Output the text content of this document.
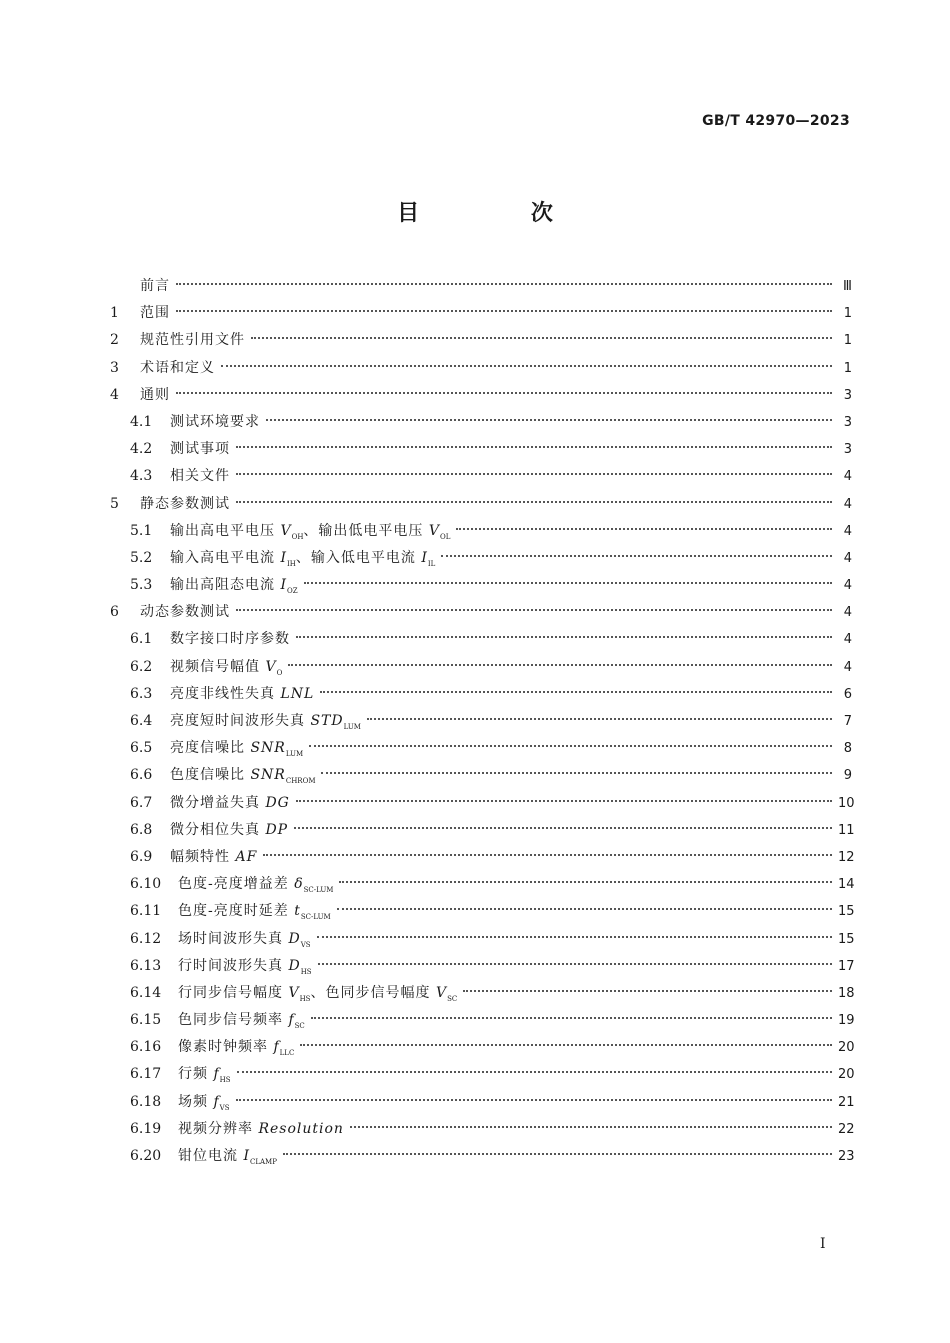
GB/T 42970—2023
目 次
前言	Ⅲ
1	范围	1
2	规范性引用文件	1
3	术语和定义	1
4	通则	3
4.1	测试环境要求	3
4.2	测试事项	3
4.3	相关文件	4
5	静态参数测试	4
5.1	输出高电平电压 $V_{OH}$、输出低电平电压 $V_{OL}$	4
5.2	输入高电平电流 $I_{IH}$、输入低电平电流 $I_{IL}$	4
5.3	输出高阻态电流 $I_{OZ}$	4
6	动态参数测试	4
6.1	数字接口时序参数	4
6.2	视频信号幅值 $V_O$	4
6.3	亮度非线性失真 LNL	6
6.4	亮度短时间波形失真 $STD_{LUM}$	7
6.5	亮度信噪比 $SNR_{LUM}$	8
6.6	色度信噪比 $SNR_{CHROM}$	9
6.7	微分增益失真 DG	10
6.8	微分相位失真 DP	11
6.9	幅频特性 AF	12
6.10	色度-亮度增益差 $\delta_{SC-LUM}$	14
6.11	色度-亮度时延差 $t_{SC-LUM}$	15
6.12	场时间波形失真 $D_{VS}$	15
6.13	行时间波形失真 $D_{HS}$	17
6.14	行同步信号幅度 $V_{HS}$、色同步信号幅度 $V_{SC}$	18
6.15	色同步信号频率 $f_{SC}$	19
6.16	像素时钟频率 $f_{LLC}$	20
6.17	行频 $f_{HS}$	20
6.18	场频 $f_{VS}$	21
6.19	视频分辨率 Resolution	22
6.20	钳位电流 $I_{CLAMP}$	23
I
